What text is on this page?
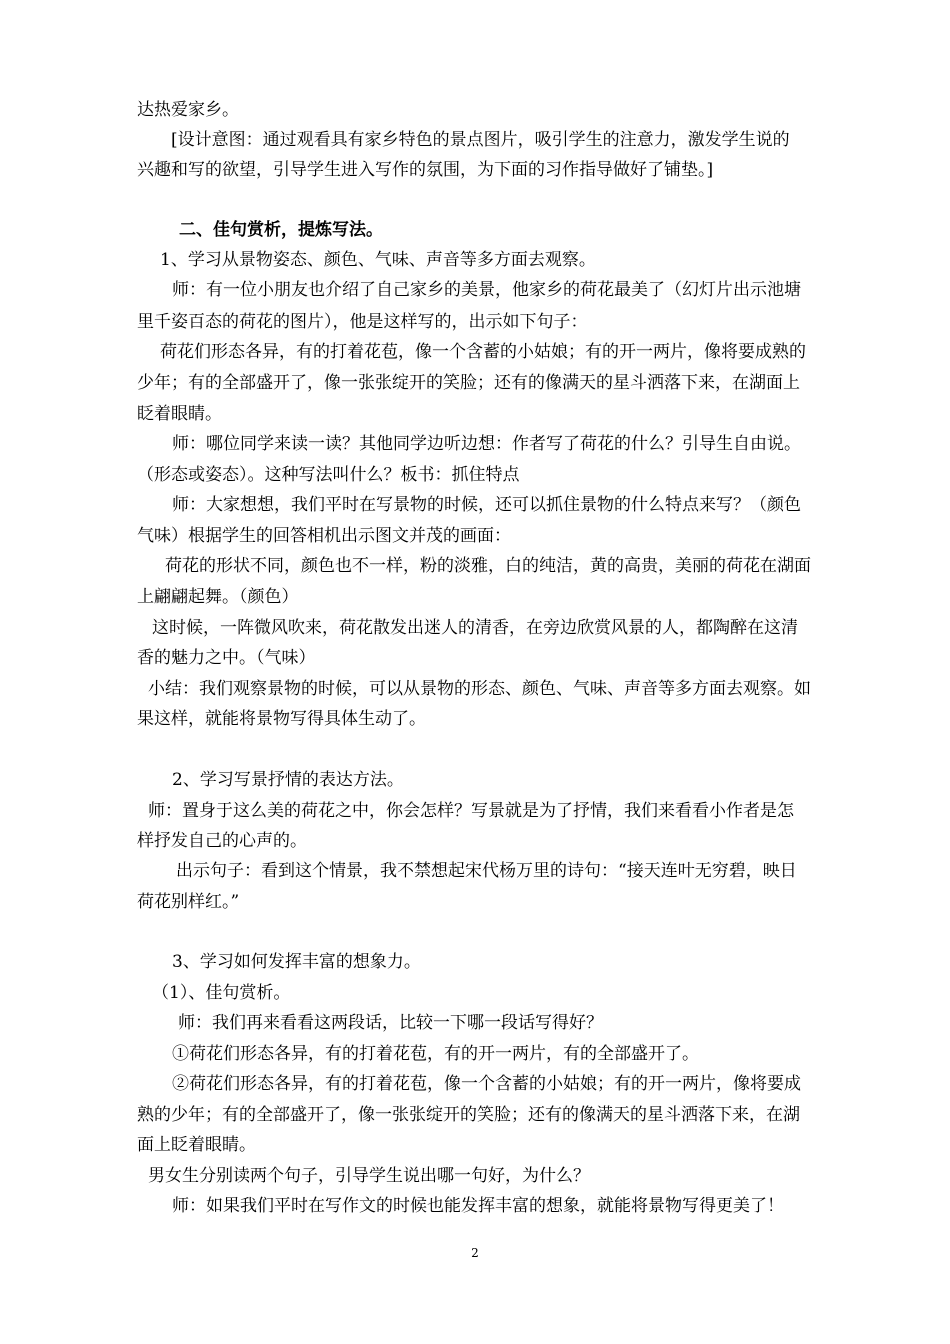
达热爱家乡。
[设计意图：通过观看具有家乡特色的景点图片，吸引学生的注意力，激发学生说的
兴趣和写的欲望，引导学生进入写作的氛围，为下面的习作指导做好了铺垫。]
二、佳句赏析，提炼写法。
1、学习从景物姿态、颜色、气味、声音等多方面去观察。
师：有一位小朋友也介绍了自己家乡的美景，他家乡的荷花最美了（幻灯片出示池塘
里千姿百态的荷花的图片），他是这样写的，出示如下句子：
荷花们形态各异，有的打着花苞，像一个含蓄的小姑娘；有的开一两片，像将要成熟的
少年；有的全部盛开了，像一张张绽开的笑脸；还有的像满天的星斗洒落下来，在湖面上
眨着眼睛。
师：哪位同学来读一读？其他同学边听边想：作者写了荷花的什么？引导生自由说。
（形态或姿态）。这种写法叫什么？板书：抓住特点
师：大家想想，我们平时在写景物的时候，还可以抓住景物的什么特点来写？（颜色
气味）根据学生的回答相机出示图文并茂的画面：
荷花的形状不同，颜色也不一样，粉的淡雅，白的纯洁，黄的高贵，美丽的荷花在湖面
上翩翩起舞。（颜色）
这时候，一阵微风吹来，荷花散发出迷人的清香，在旁边欣赏风景的人，都陶醉在这清
香的魅力之中。（气味）
小结：我们观察景物的时候，可以从景物的形态、颜色、气味、声音等多方面去观察。如
果这样，就能将景物写得具体生动了。
2、学习写景抒情的表达方法。
师：置身于这么美的荷花之中，你会怎样？写景就是为了抒情，我们来看看小作者是怎
样抒发自己的心声的。
出示句子：看到这个情景，我不禁想起宋代杨万里的诗句：“接天连叶无穷碧，映日
荷花别样红。”
3、学习如何发挥丰富的想象力。
（1）、佳句赏析。
师：我们再来看看这两段话，比较一下哪一段话写得好？
①荷花们形态各异，有的打着花苞，有的开一两片，有的全部盛开了。
②荷花们形态各异，有的打着花苞，像一个含蓄的小姑娘；有的开一两片，像将要成
熟的少年；有的全部盛开了，像一张张绽开的笑脸；还有的像满天的星斗洒落下来，在湖
面上眨着眼睛。
男女生分别读两个句子，引导学生说出哪一句好，为什么？
师：如果我们平时在写作文的时候也能发挥丰富的想象，就能将景物写得更美了！
2
